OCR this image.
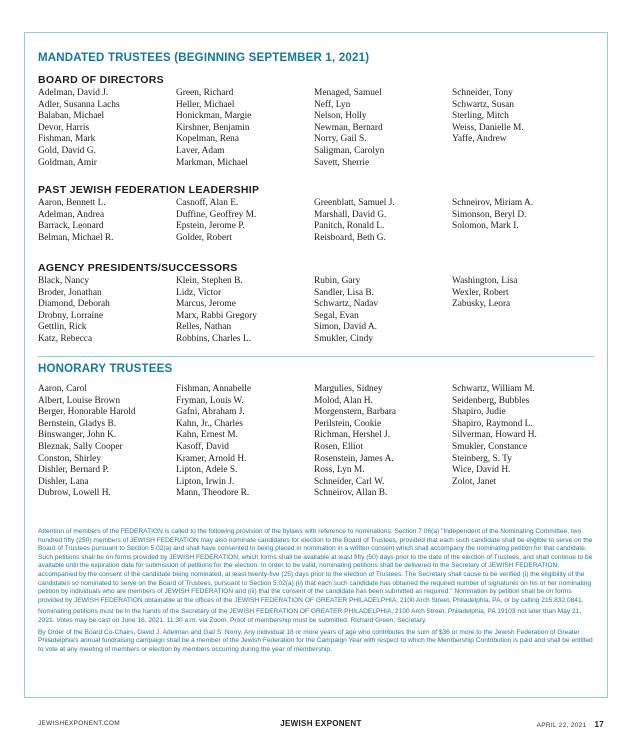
MANDATED TRUSTEES (BEGINNING SEPTEMBER 1, 2021)
BOARD OF DIRECTORS
Adelman, David J.
Adler, Susanna Lachs
Balaban, Michael
Devor, Harris
Fishman, Mark
Gold, David G.
Goldman, Amir
Green, Richard
Heller, Michael
Honickman, Margie
Kirshner, Benjamin
Kopelman, Rena
Laver, Adam
Markman, Michael
Menaged, Samuel
Neff, Lyn
Nelson, Holly
Newman, Bernard
Norry, Gail S.
Saligman, Carolyn
Savett, Sherrie
Schneider, Tony
Schwartz, Susan
Sterling, Mitch
Weiss, Danielle M.
Yaffe, Andrew
PAST JEWISH FEDERATION LEADERSHIP
Aaron, Bennett L.
Adelman, Andrea
Barrack, Leonard
Belman, Michael R.
Casnoff, Alan E.
Duffine, Geoffrey M.
Epstein, Jerome P.
Golder, Robert
Greenblatt, Samuel J.
Marshall, David G.
Panitch, Ronald L.
Reisboard, Beth G.
Schneirov, Miriam A.
Simonson, Beryl D.
Solomon, Mark I.
AGENCY PRESIDENTS/SUCCESSORS
Black, Nancy
Broder, Jonathan
Diamond, Deborah
Drobny, Lorraine
Gettlin, Rick
Katz, Rebecca
Klein, Stephen B.
Lidz, Victor
Marcus, Jerome
Marx, Rabbi Gregory
Relles, Nathan
Robbins, Charles L.
Rubin, Gary
Sandler, Lisa B.
Schwartz, Nadav
Segal, Evan
Simon, David A.
Smukler, Cindy
Washington, Lisa
Wexler, Robert
Zabusky, Leora
HONORARY TRUSTEES
Aaron, Carol
Albert, Louise Brown
Berger, Honorable Harold
Bernstein, Gladys B.
Binswanger, John K.
Bleznak, Sally Cooper
Conston, Shirley
Dishler, Bernard P.
Dishler, Lana
Dubrow, Lowell H.
Fishman, Annabelle
Fryman, Louis W.
Gafni, Abraham J.
Kahn, Jr., Charles
Kahn, Ernest M.
Kasoff, David
Kramer, Arnold H.
Lipton, Adele S.
Lipton, Irwin J.
Mann, Theodore R.
Margulies, Sidney
Molod, Alan H.
Morgenstern, Barbara
Perilstein, Cookie
Richman, Hershel J.
Rosen, Elliot
Rosenstein, James A.
Ross, Lyn M.
Schneider, Carl W.
Schneirov, Allan B.
Schwartz, William M.
Seidenberg, Bubbles
Shapiro, Judie
Shapiro, Raymond L.
Silverman, Howard H.
Smukler, Constance
Steinberg, S. Ty
Wice, David H.
Zolot, Janet

Attention of members of the FEDERATION is called to the following provision of the bylaws with reference to nominations: Section 7.06(a) "Independent of the Nominating Committee, two hundred fifty (250) members of JEWISH FEDERATION may also nominate candidates for election to the Board of Trustees, provided that each such candidate shall be eligible to serve on the Board of Trustees pursuant to Section 5.02(a) and shall have consented to being placed in nomination in a written consent which shall accompany the nominating petition for that candidate. Such petitions shall be on forms provided by JEWISH FEDERATION, which forms shall be available at least fifty (50) days prior to the date of the election of Trustees, and shall continue to be available until the expiration date for submission of petitions for the election. In order to be valid, nominating petitions shall be delivered to the Secretary of JEWISH FEDERATION, accompanied by the consent of the candidate being nominated, at least twenty-five (25) days prior to the election of Trustees. The Secretary shall cause to be verified (i) the eligibility of the candidates so nominated to serve on the Board of Trustees, pursuant to Section 5.02(a) (ii) that each such candidate has obtained the required number of signatures on his or her nominating petition by individuals who are members of JEWISH FEDERATION and (iii) that the consent of the candidate has been submitted as required." Nomination by petition shall be on forms provided by JEWISH FEDERATION obtainable at the offices of the JEWISH FEDERATION OF GREATER PHILADELPHIA, 2100 Arch Street, Philadelphia, PA, or by calling 215.832.0841.

Nominating petitions must be in the hands of the Secretary of the JEWISH FEDERATION OF GREATER PHILADELPHIA, 2100 Arch Street, Philadelphia, PA 19103 not later than May 21, 2021. Votes may be cast on June 16, 2021, 11:30 a.m. via Zoom. Proof of membership must be submitted. Richard Green, Secretary.

By Order of the Board Co-Chairs, David J. Adelman and Gail S. Norry. Any individual 18 or more years of age who contributes the sum of $36 or more to the Jewish Federation of Greater Philadelphia's annual fundraising campaign shall be a member of the Jewish Federation for the Campaign Year with respect to which the Membership Contribution is paid and shall be entitled to vote at any meeting of members or election by members occurring during the year of membership.

JEWISHEXPONENT.COM	JEWISH EXPONENT	APRIL 22, 2021 17
